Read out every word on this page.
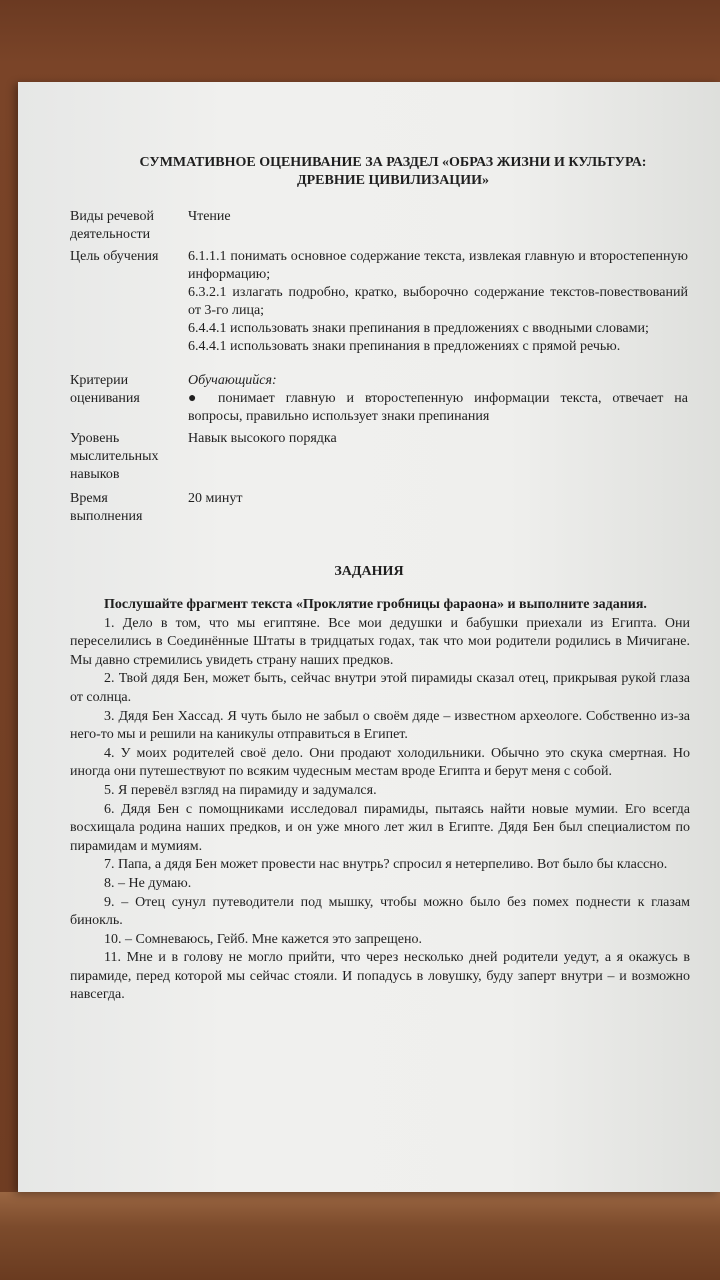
СУММАТИВНОЕ ОЦЕНИВАНИЕ ЗА РАЗДЕЛ «ОБРАЗ ЖИЗНИ И КУЛЬТУРА: ДРЕВНИЕ ЦИВИЛИЗАЦИИ»
Виды речевой деятельности
Чтение
Цель обучения	6.1.1.1 понимать основное содержание текста, извлекая главную и второстепенную информацию;
6.3.2.1 излагать подробно, кратко, выборочно содержание текстов-повествований от 3-го лица;
6.4.4.1 использовать знаки препинания в предложениях с вводными словами;
6.4.4.1 использовать знаки препинания в предложениях с прямой речью.
Критерии оценивания
Обучающийся:
● понимает главную и второстепенную информации текста, отвечает на вопросы, правильно использует знаки препинания
Уровень мыслительных навыков
Навык высокого порядка
Время выполнения
20 минут
ЗАДАНИЯ

Послушайте фрагмент текста «Проклятие гробницы фараона» и выполните задания.

1. Дело в том, что мы египтяне. Все мои дедушки и бабушки приехали из Египта. Они переселились в Соединённые Штаты в тридцатых годах, так что мои родители родились в Мичигане. Мы давно стремились увидеть страну наших предков.

2. Твой дядя Бен, может быть, сейчас внутри этой пирамиды сказал отец, прикрывая рукой глаза от солнца.

3. Дядя Бен Хассад. Я чуть было не забыл о своём дяде – известном археологе. Собственно из-за него-то мы и решили на каникулы отправиться в Египет.

4. У моих родителей своё дело. Они продают холодильники. Обычно это скука смертная. Но иногда они путешествуют по всяким чудесным местам вроде Египта и берут меня с собой.

5. Я перевёл взгляд на пирамиду и задумался.

6. Дядя Бен с помощниками исследовал пирамиды, пытаясь найти новые мумии. Его всегда восхищала родина наших предков, и он уже много лет жил в Египте. Дядя Бен был специалистом по пирамидам и мумиям.

7. Папа, а дядя Бен может провести нас внутрь? спросил я нетерпеливо. Вот было бы классно.

8. – Не думаю.

9. – Отец сунул путеводители под мышку, чтобы можно было без помех поднести к глазам бинокль.

10. – Сомневаюсь, Гейб. Мне кажется это запрещено.

11. Мне и в голову не могло прийти, что через несколько дней родители уедут, а я окажусь в пирамиде, перед которой мы сейчас стояли. И попадусь в ловушку, буду заперт внутри – и возможно навсегда.
